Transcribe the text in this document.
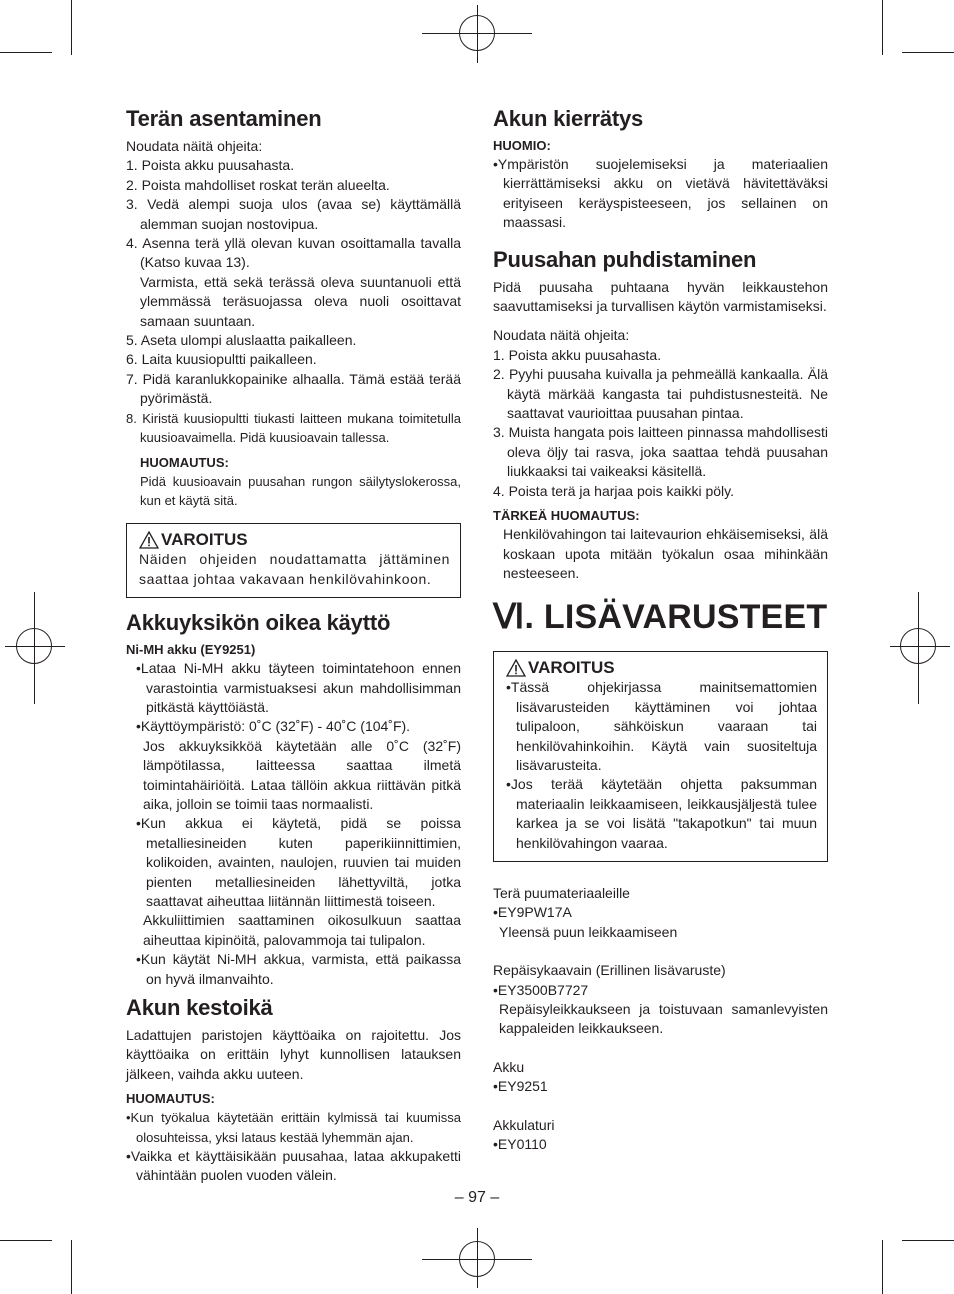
Terän asentaminen

Noudata näitä ohjeita:

1. Poista akku puusahasta.
2. Poista mahdolliset roskat terän alueelta.
3. Vedä alempi suoja ulos (avaa se) käyttämällä alemman suojan nostovipua.
4. Asenna terä yllä olevan kuvan osoittamalla tavalla (Katso kuvaa 13).
Varmista, että sekä terässä oleva suuntanuoli että ylemmässä teräsuojassa oleva nuoli osoittavat samaan suuntaan.
5. Aseta ulompi aluslaatta paikalleen.
6. Laita kuusiopultti paikalleen.
7. Pidä karanlukkopainike alhaalla. Tämä estää terää pyörimästä.
8. Kiristä kuusiopultti tiukasti laitteen mukana toimitetulla kuusioavaimella. Pidä kuusioavain tallessa.
HUOMAUTUS:

Pidä kuusioavain puusahan rungon säilytyslokerossa, kun et käytä sitä.

VAROITUS

Näiden ohjeiden noudattamatta jättäminen saattaa johtaa vakavaan henkilövahinkoon.

Akkuyksikön oikea käyttö
Ni-MH akku (EY9251)

•Lataa Ni-MH akku täyteen toimintatehoon ennen varastointia varmistuaksesi akun mahdollisimman pitkästä käyttöiästä.

•Käyttöympäristö: 0˚C (32˚F) - 40˚C (104˚F).

Jos akkuyksikköä käytetään alle 0˚C (32˚F) lämpötilassa, laitteessa saattaa ilmetä toimintahäiriöitä. Lataa tällöin akkua riittävän pitkä aika, jolloin se toimii taas normaalisti.

•Kun akkua ei käytetä, pidä se poissa metalliesineiden kuten paperikiinnittimien, kolikoiden, avainten, naulojen, ruuvien tai muiden pienten metalliesineiden lähettyviltä, jotka saattavat aiheuttaa liitännän liittimestä toiseen.

Akkuliittimien saattaminen oikosulkuun saattaa aiheuttaa kipinöitä, palovammoja tai tulipalon.

•Kun käytät Ni-MH akkua, varmista, että paikassa on hyvä ilmanvaihto.

Akun kestoikä

Ladattujen paristojen käyttöaika on rajoitettu. Jos käyttöaika on erittäin lyhyt kunnollisen latauksen jälkeen, vaihda akku uuteen.

HUOMAUTUS:

•Kun työkalua käytetään erittäin kylmissä tai kuumissa olosuhteissa, yksi lataus kestää lyhemmän ajan.

•Vaikka et käyttäisikään puusahaa, lataa akkupaketti vähintään puolen vuoden välein.

Akun kierrätys
HUOMIO:

•Ympäristön suojelemiseksi ja materiaalien kierrättämiseksi akku on vietävä hävitettäväksi erityiseen keräyspisteeseen, jos sellainen on maassasi.

Puusahan puhdistaminen

Pidä puusaha puhtaana hyvän leikkaustehon saavuttamiseksi ja turvallisen käytön varmistamiseksi.

Noudata näitä ohjeita:

1. Poista akku puusahasta.
2. Pyyhi puusaha kuivalla ja pehmeällä kankaalla. Älä käytä märkää kangasta tai puhdistusnesteitä. Ne saattavat vaurioittaa puusahan pintaa.
3. Muista hangata pois laitteen pinnassa mahdollisesti oleva öljy tai rasva, joka saattaa tehdä puusahan liukkaaksi tai vaikeaksi käsitellä.
4. Poista terä ja harjaa pois kaikki pöly.
TÄRKEÄ HUOMAUTUS:

Henkilövahingon tai laitevaurion ehkäisemiseksi, älä koskaan upota mitään työkalun osaa mihinkään nesteeseen.

Ⅵ. LISÄVARUSTEET
VAROITUS

•Tässä ohjekirjassa mainitsemattomien lisävarusteiden käyttäminen voi johtaa tulipaloon, sähköiskun vaaraan tai henkilövahinkoihin. Käytä vain suositeltuja lisävarusteita.

•Jos terää käytetään ohjetta paksumman materiaalin leikkaamiseen, leikkausjäljestä tulee karkea ja se voi lisätä "takapotkun" tai muun henkilövahingon vaaraa.

Terä puumateriaaleille

•EY9PW17A

Yleensä puun leikkaamiseen

Repäisykaavain (Erillinen lisävaruste)

•EY3500B7727

Repäisyleikkaukseen ja toistuvaan samanlevyisten kappaleiden leikkaukseen.

Akku

•EY9251

Akkulaturi

•EY0110

– 97 –
